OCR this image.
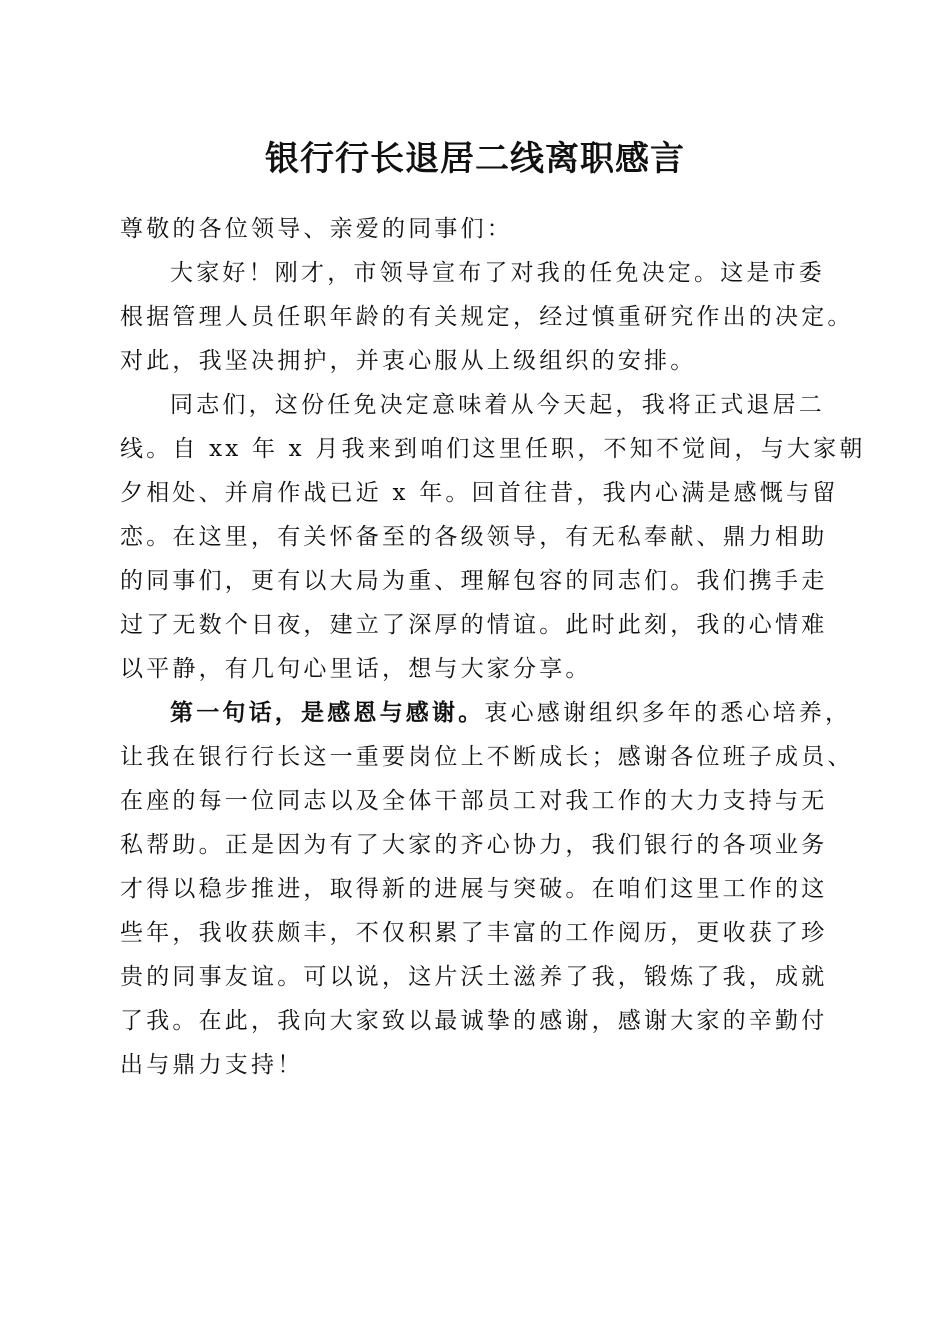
银行行长退居二线离职感言
尊敬的各位领导、亲爱的同事们：
大家好！刚才，市领导宣布了对我的任免决定。这是市委
根据管理人员任职年龄的有关规定，经过慎重研究作出的决定。
对此，我坚决拥护，并衷心服从上级组织的安排。
同志们，这份任免决定意味着从今天起，我将正式退居二
线。自 xx 年 x 月我来到咱们这里任职，不知不觉间，与大家朝
夕相处、并肩作战已近 x 年。回首往昔，我内心满是感慨与留
恋。在这里，有关怀备至的各级领导，有无私奉献、鼎力相助
的同事们，更有以大局为重、理解包容的同志们。我们携手走
过了无数个日夜，建立了深厚的情谊。此时此刻，我的心情难
以平静，有几句心里话，想与大家分享。
第一句话，是感恩与感谢。衷心感谢组织多年的悉心培养，
让我在银行行长这一重要岗位上不断成长；感谢各位班子成员、
在座的每一位同志以及全体干部员工对我工作的大力支持与无
私帮助。正是因为有了大家的齐心协力，我们银行的各项业务
才得以稳步推进，取得新的进展与突破。在咱们这里工作的这
些年，我收获颇丰，不仅积累了丰富的工作阅历，更收获了珍
贵的同事友谊。可以说，这片沃土滋养了我，锻炼了我，成就
了我。在此，我向大家致以最诚挚的感谢，感谢大家的辛勤付
出与鼎力支持！
